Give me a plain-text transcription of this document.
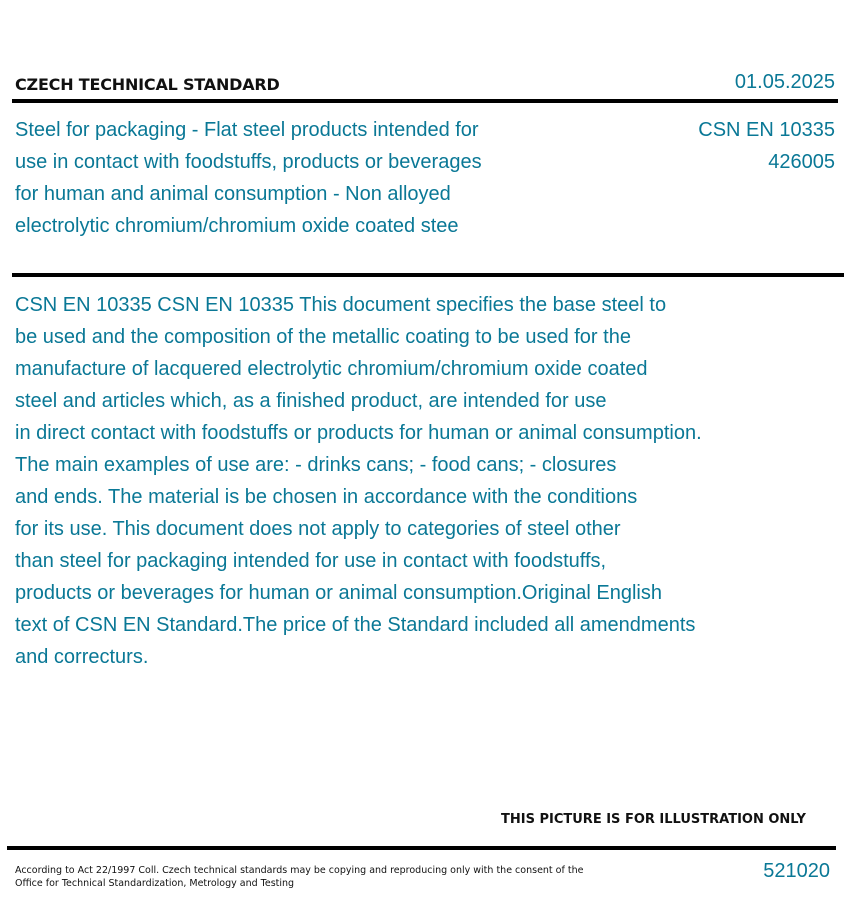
CZECH TECHNICAL STANDARD	01.05.2025

Steel for packaging - Flat steel products intended for use in contact with foodstuffs, products or beverages for human and animal consumption - Non alloyed electrolytic chromium/chromium oxide coated stee

CSN EN 10335
426005

CSN EN 10335 CSN EN 10335 This document specifies the base steel to
be used and the composition of the metallic coating to be used for the
manufacture of lacquered electrolytic chromium/chromium oxide coated
steel and articles which, as a finished product, are intended for use
in direct contact with foodstuffs or products for human or animal consumption.
The main examples of use are: - drinks cans; - food cans; - closures
and ends. The material is be chosen in accordance with the conditions
for its use. This document does not apply to categories of steel other
than steel for packaging intended for use in contact with foodstuffs,
products or beverages for human or animal consumption.Original English
text of CSN EN Standard.The price of the Standard included all amendments
and correcturs.

THIS PICTURE IS FOR ILLUSTRATION ONLY
According to Act 22/1997 Coll. Czech technical standards may be copying and reproducing only with the consent of the Office for Technical Standardization, Metrology and Testing
521020
